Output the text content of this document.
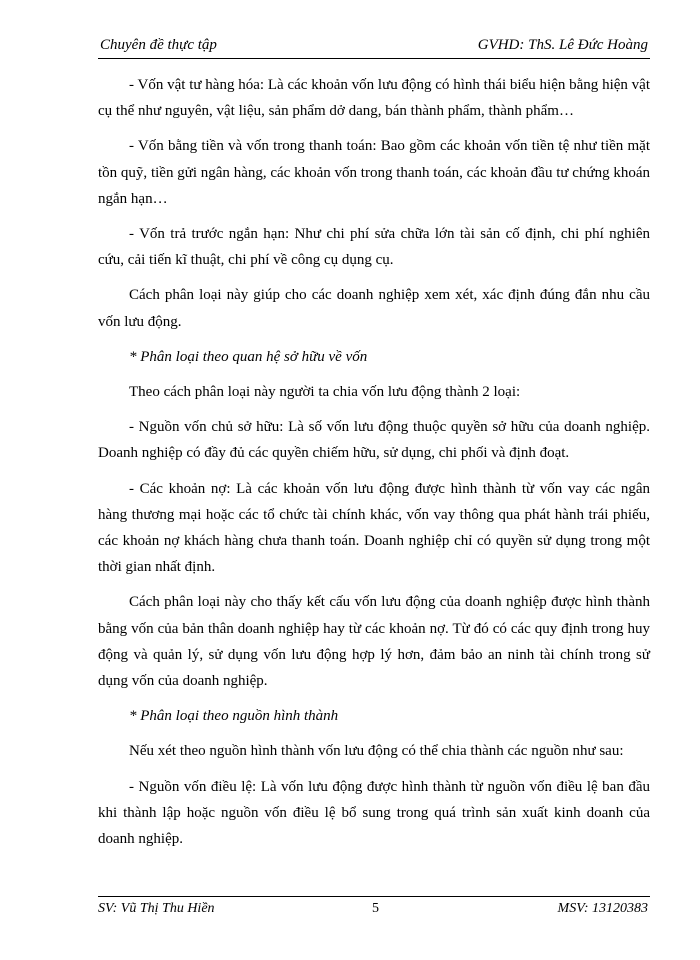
Chuyên đề thực tập	GVHD: ThS. Lê Đức Hoàng

- Vốn vật tư hàng hóa: Là các khoản vốn lưu động có hình thái biểu hiện bằng hiện vật cụ thể như nguyên, vật liệu, sản phẩm dở dang, bán thành phẩm, thành phẩm…

- Vốn bằng tiền và vốn trong thanh toán: Bao gồm các khoản vốn tiền tệ như tiền mặt tồn quỹ, tiền gửi ngân hàng, các khoản vốn trong thanh toán, các khoản đầu tư chứng khoán ngắn hạn…

- Vốn trả trước ngắn hạn: Như chi phí sửa chữa lớn tài sản cố định, chi phí nghiên cứu, cải tiến kĩ thuật, chi phí về công cụ dụng cụ.

Cách phân loại này giúp cho các doanh nghiệp xem xét, xác định đúng đắn nhu cầu vốn lưu động.

* Phân loại theo quan hệ sở hữu về vốn

Theo cách phân loại này người ta chia vốn lưu động thành 2 loại:

- Nguồn vốn chủ sở hữu: Là số vốn lưu động thuộc quyền sở hữu của doanh nghiệp. Doanh nghiệp có đầy đủ các quyền chiếm hữu, sử dụng, chi phối và định đoạt.

- Các khoản nợ: Là các khoản vốn lưu động được hình thành từ vốn vay các ngân hàng thương mại hoặc các tổ chức tài chính khác, vốn vay thông qua phát hành trái phiếu, các khoản nợ khách hàng chưa thanh toán. Doanh nghiệp chỉ có quyền sử dụng trong một thời gian nhất định.

Cách phân loại này cho thấy kết cấu vốn lưu động của doanh nghiệp được hình thành bằng vốn của bản thân doanh nghiệp hay từ các khoản nợ. Từ đó có các quy định trong huy động và quản lý, sử dụng vốn lưu động hợp lý hơn, đảm bảo an ninh tài chính trong sử dụng vốn của doanh nghiệp.

* Phân loại theo nguồn hình thành

Nếu xét theo nguồn hình thành vốn lưu động có thể chia thành các nguồn như sau:

- Nguồn vốn điều lệ: Là vốn lưu động được hình thành từ nguồn vốn điều lệ ban đầu khi thành lập hoặc nguồn vốn điều lệ bổ sung trong quá trình sản xuất kinh doanh của doanh nghiệp.

SV: Vũ Thị Thu Hiền	5	MSV: 13120383
